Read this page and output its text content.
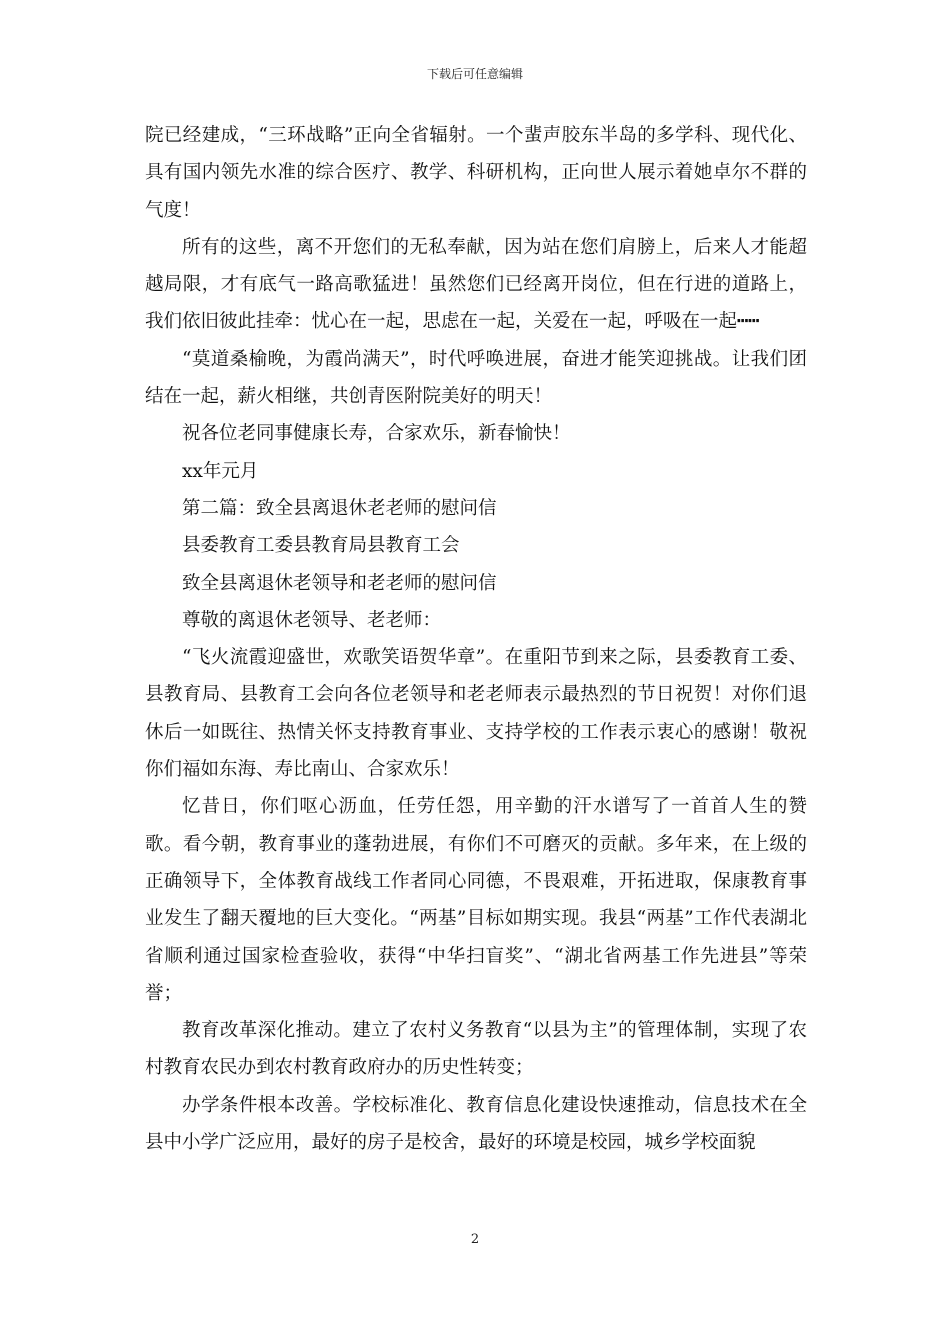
下载后可任意编辑

院已经建成，“三环战略”正向全省辐射。一个蜚声胶东半岛的多学科、现代化、具有国内领先水准的综合医疗、教学、科研机构，正向世人展示着她卓尔不群的气度！

所有的这些，离不开您们的无私奉献，因为站在您们肩膀上，后来人才能超越局限，才有底气一路高歌猛进！虽然您们已经离开岗位，但在行进的道路上，我们依旧彼此挂牵：忧心在一起，思虑在一起，关爱在一起，呼吸在一起┅┅

“莫道桑榆晚，为霞尚满天”，时代呼唤进展，奋进才能笑迎挑战。让我们团结在一起，薪火相继，共创青医附院美好的明天！

祝各位老同事健康长寿，合家欢乐，新春愉快！

xx年元月

第二篇：致全县离退休老老师的慰问信

县委教育工委县教育局县教育工会

致全县离退休老领导和老老师的慰问信

尊敬的离退休老领导、老老师：

“飞火流霞迎盛世，欢歌笑语贺华章”。在重阳节到来之际，县委教育工委、县教育局、县教育工会向各位老领导和老老师表示最热烈的节日祝贺！对你们退休后一如既往、热情关怀支持教育事业、支持学校的工作表示衷心的感谢！敬祝你们福如东海、寿比南山、合家欢乐！

忆昔日，你们呕心沥血，任劳任怨，用辛勤的汗水谱写了一首首人生的赞歌。看今朝，教育事业的蓬勃进展，有你们不可磨灭的贡献。多年来，在上级的正确领导下，全体教育战线工作者同心同德，不畏艰难，开拓进取，保康教育事业发生了翻天覆地的巨大变化。“两基”目标如期实现。我县“两基”工作代表湖北省顺利通过国家检查验收，获得“中华扫盲奖”、“湖北省两基工作先进县”等荣誉；

教育改革深化推动。建立了农村义务教育“以县为主”的管理体制，实现了农村教育农民办到农村教育政府办的历史性转变；

办学条件根本改善。学校标准化、教育信息化建设快速推动，信息技术在全县中小学广泛应用，最好的房子是校舍，最好的环境是校园，城乡学校面貌

2
